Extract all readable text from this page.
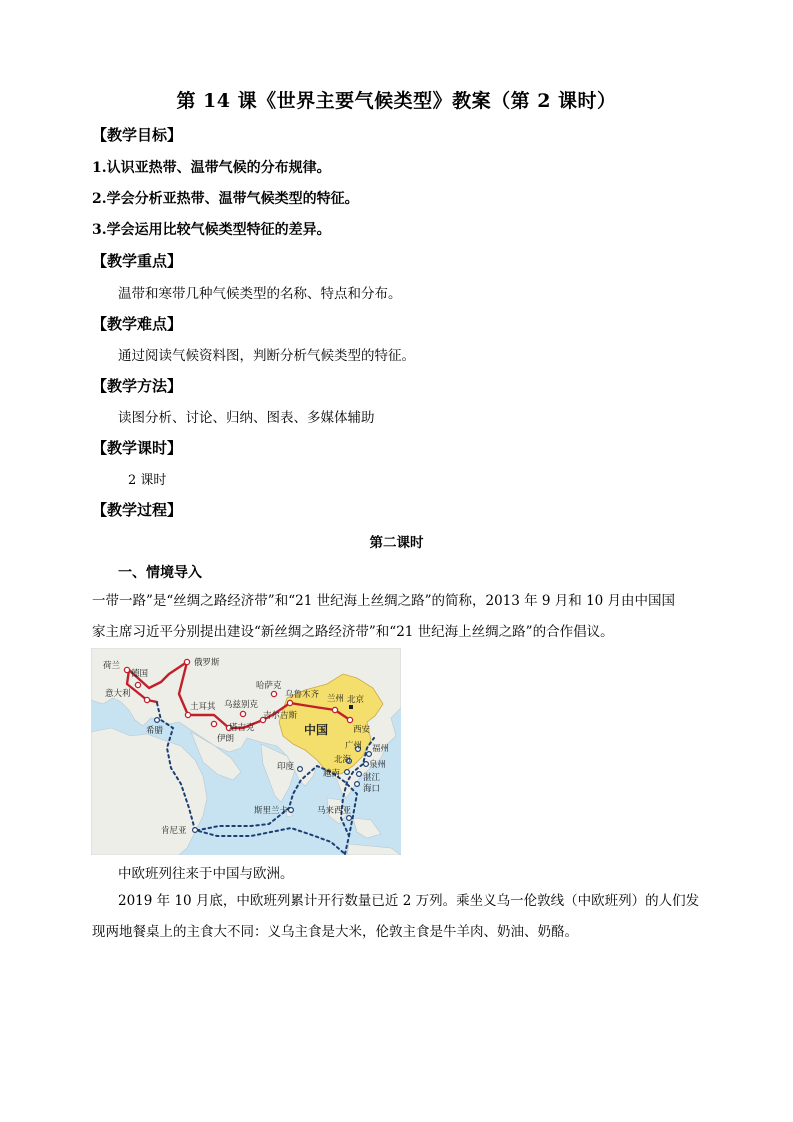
第 14 课《世界主要气候类型》教案（第 2 课时）
【教学目标】
1.认识亚热带、温带气候的分布规律。
2.学会分析亚热带、温带气候类型的特征。
3.学会运用比较气候类型特征的差异。
【教学重点】
温带和寒带几种气候类型的名称、特点和分布。
【教学难点】
通过阅读气候资料图，判断分析气候类型的特征。
【教学方法】
读图分析、讨论、归纳、图表、多媒体辅助
【教学课时】
2 课时
【教学过程】
第二课时
一、情境导入
一带一路”是“丝绸之路经济带”和“21 世纪海上丝绸之路”的简称，2013 年 9 月和 10 月由中国国
家主席习近平分别提出建设“新丝绸之路经济带”和“21 世纪海上丝绸之路”的合作倡议。
荷兰
德国
俄罗斯
哈萨克
乌鲁木齐
意大利
土耳其 乌兹别克
吉尔吉斯
兰州 北京
希腊
伊朗
塔吉克	中国	西安
广州 福州
北海 泉州
印度
越南	湛江
海口
斯里兰卡	马来西亚
肯尼亚
中欧班列往来于中国与欧洲。
2019 年 10 月底，中欧班列累计开行数量已近 2 万列。乘坐义乌一伦敦线（中欧班列）的人们发
现两地餐桌上的主食大不同：义乌主食是大米，伦敦主食是牛羊肉、奶油、奶酪。
